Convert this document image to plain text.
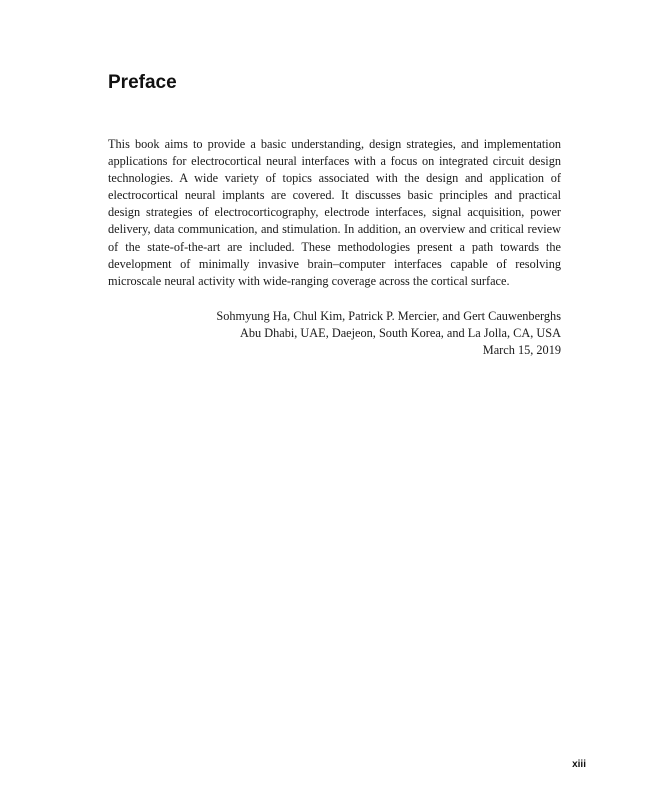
Preface

This book aims to provide a basic understanding, design strategies, and implementation applications for electrocortical neural interfaces with a focus on integrated circuit design technologies. A wide variety of topics associated with the design and application of electrocortical neural implants are covered. It discusses basic principles and practical design strategies of electrocorticography, electrode interfaces, signal acquisition, power delivery, data communication, and stimulation. In addition, an overview and critical review of the state-of-the-art are included. These methodologies present a path towards the development of minimally invasive brain–computer interfaces capable of resolving microscale neural activity with wide-ranging coverage across the cortical surface.

Sohmyung Ha, Chul Kim, Patrick P. Mercier, and Gert Cauwenberghs
Abu Dhabi, UAE, Daejeon, South Korea, and La Jolla, CA, USA
March 15, 2019
xiii
